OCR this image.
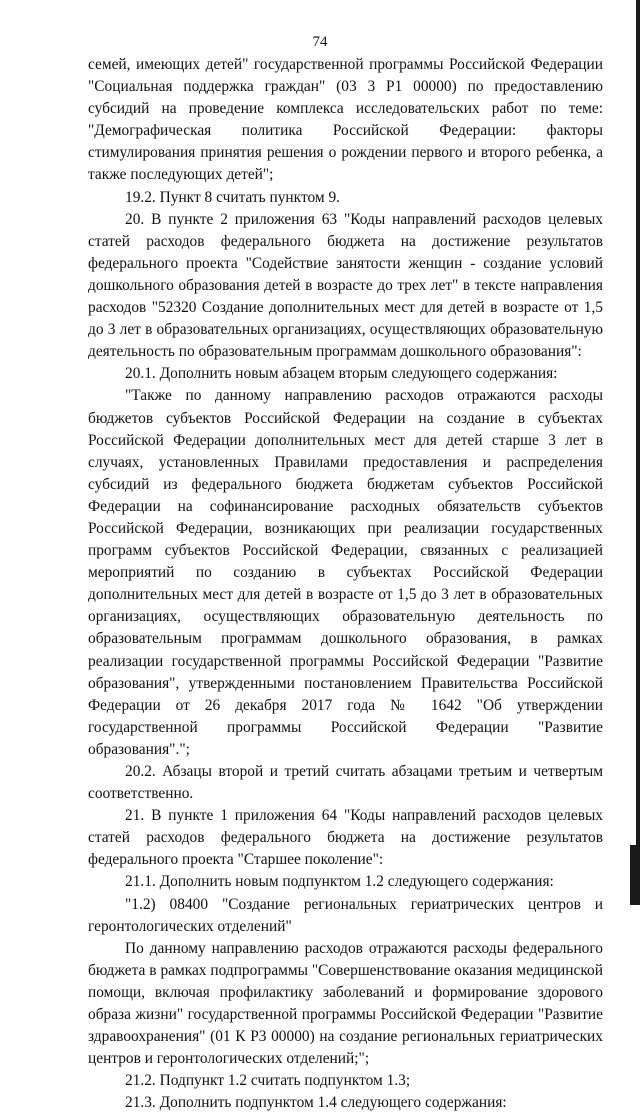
74

семей, имеющих детей" государственной программы Российской Федерации "Социальная поддержка граждан" (03 3 P1 00000) по предоставлению субсидий на проведение комплекса исследовательских работ по теме: "Демографическая политика Российской Федерации: факторы стимулирования принятия решения о рождении первого и второго ребенка, а также последующих детей";

19.2. Пункт 8 считать пунктом 9.

20. В пункте 2 приложения 63 "Коды направлений расходов целевых статей расходов федерального бюджета на достижение результатов федерального проекта "Содействие занятости женщин - создание условий дошкольного образования детей в возрасте до трех лет" в тексте направления расходов "52320 Создание дополнительных мест для детей в возрасте от 1,5 до 3 лет в образовательных организациях, осуществляющих образовательную деятельность по образовательным программам дошкольного образования":

20.1. Дополнить новым абзацем вторым следующего содержания:

"Также по данному направлению расходов отражаются расходы бюджетов субъектов Российской Федерации на создание в субъектах Российской Федерации дополнительных мест для детей старше 3 лет в случаях, установленных Правилами предоставления и распределения субсидий из федерального бюджета бюджетам субъектов Российской Федерации на софинансирование расходных обязательств субъектов Российской Федерации, возникающих при реализации государственных программ субъектов Российской Федерации, связанных с реализацией мероприятий по созданию в субъектах Российской Федерации дополнительных мест для детей в возрасте от 1,5 до 3 лет в образовательных организациях, осуществляющих образовательную деятельность по образовательным программам дошкольного образования, в рамках реализации государственной программы Российской Федерации "Развитие образования", утвержденными постановлением Правительства Российской Федерации от 26 декабря 2017 года № 1642 "Об утверждении государственной программы Российской Федерации "Развитие образования".";

20.2. Абзацы второй и третий считать абзацами третьим и четвертым соответственно.

21. В пункте 1 приложения 64 "Коды направлений расходов целевых статей расходов федерального бюджета на достижение результатов федерального проекта "Старшее поколение":

21.1. Дополнить новым подпунктом 1.2 следующего содержания:

"1.2) 08400 "Создание региональных гериатрических центров и геронтологических отделений"

По данному направлению расходов отражаются расходы федерального бюджета в рамках подпрограммы "Совершенствование оказания медицинской помощи, включая профилактику заболеваний и формирование здорового образа жизни" государственной программы Российской Федерации "Развитие здравоохранения" (01 К Р3 00000) на создание региональных гериатрических центров и геронтологических отделений;";

21.2. Подпункт 1.2 считать подпунктом 1.3;

21.3. Дополнить подпунктом 1.4 следующего содержания:
